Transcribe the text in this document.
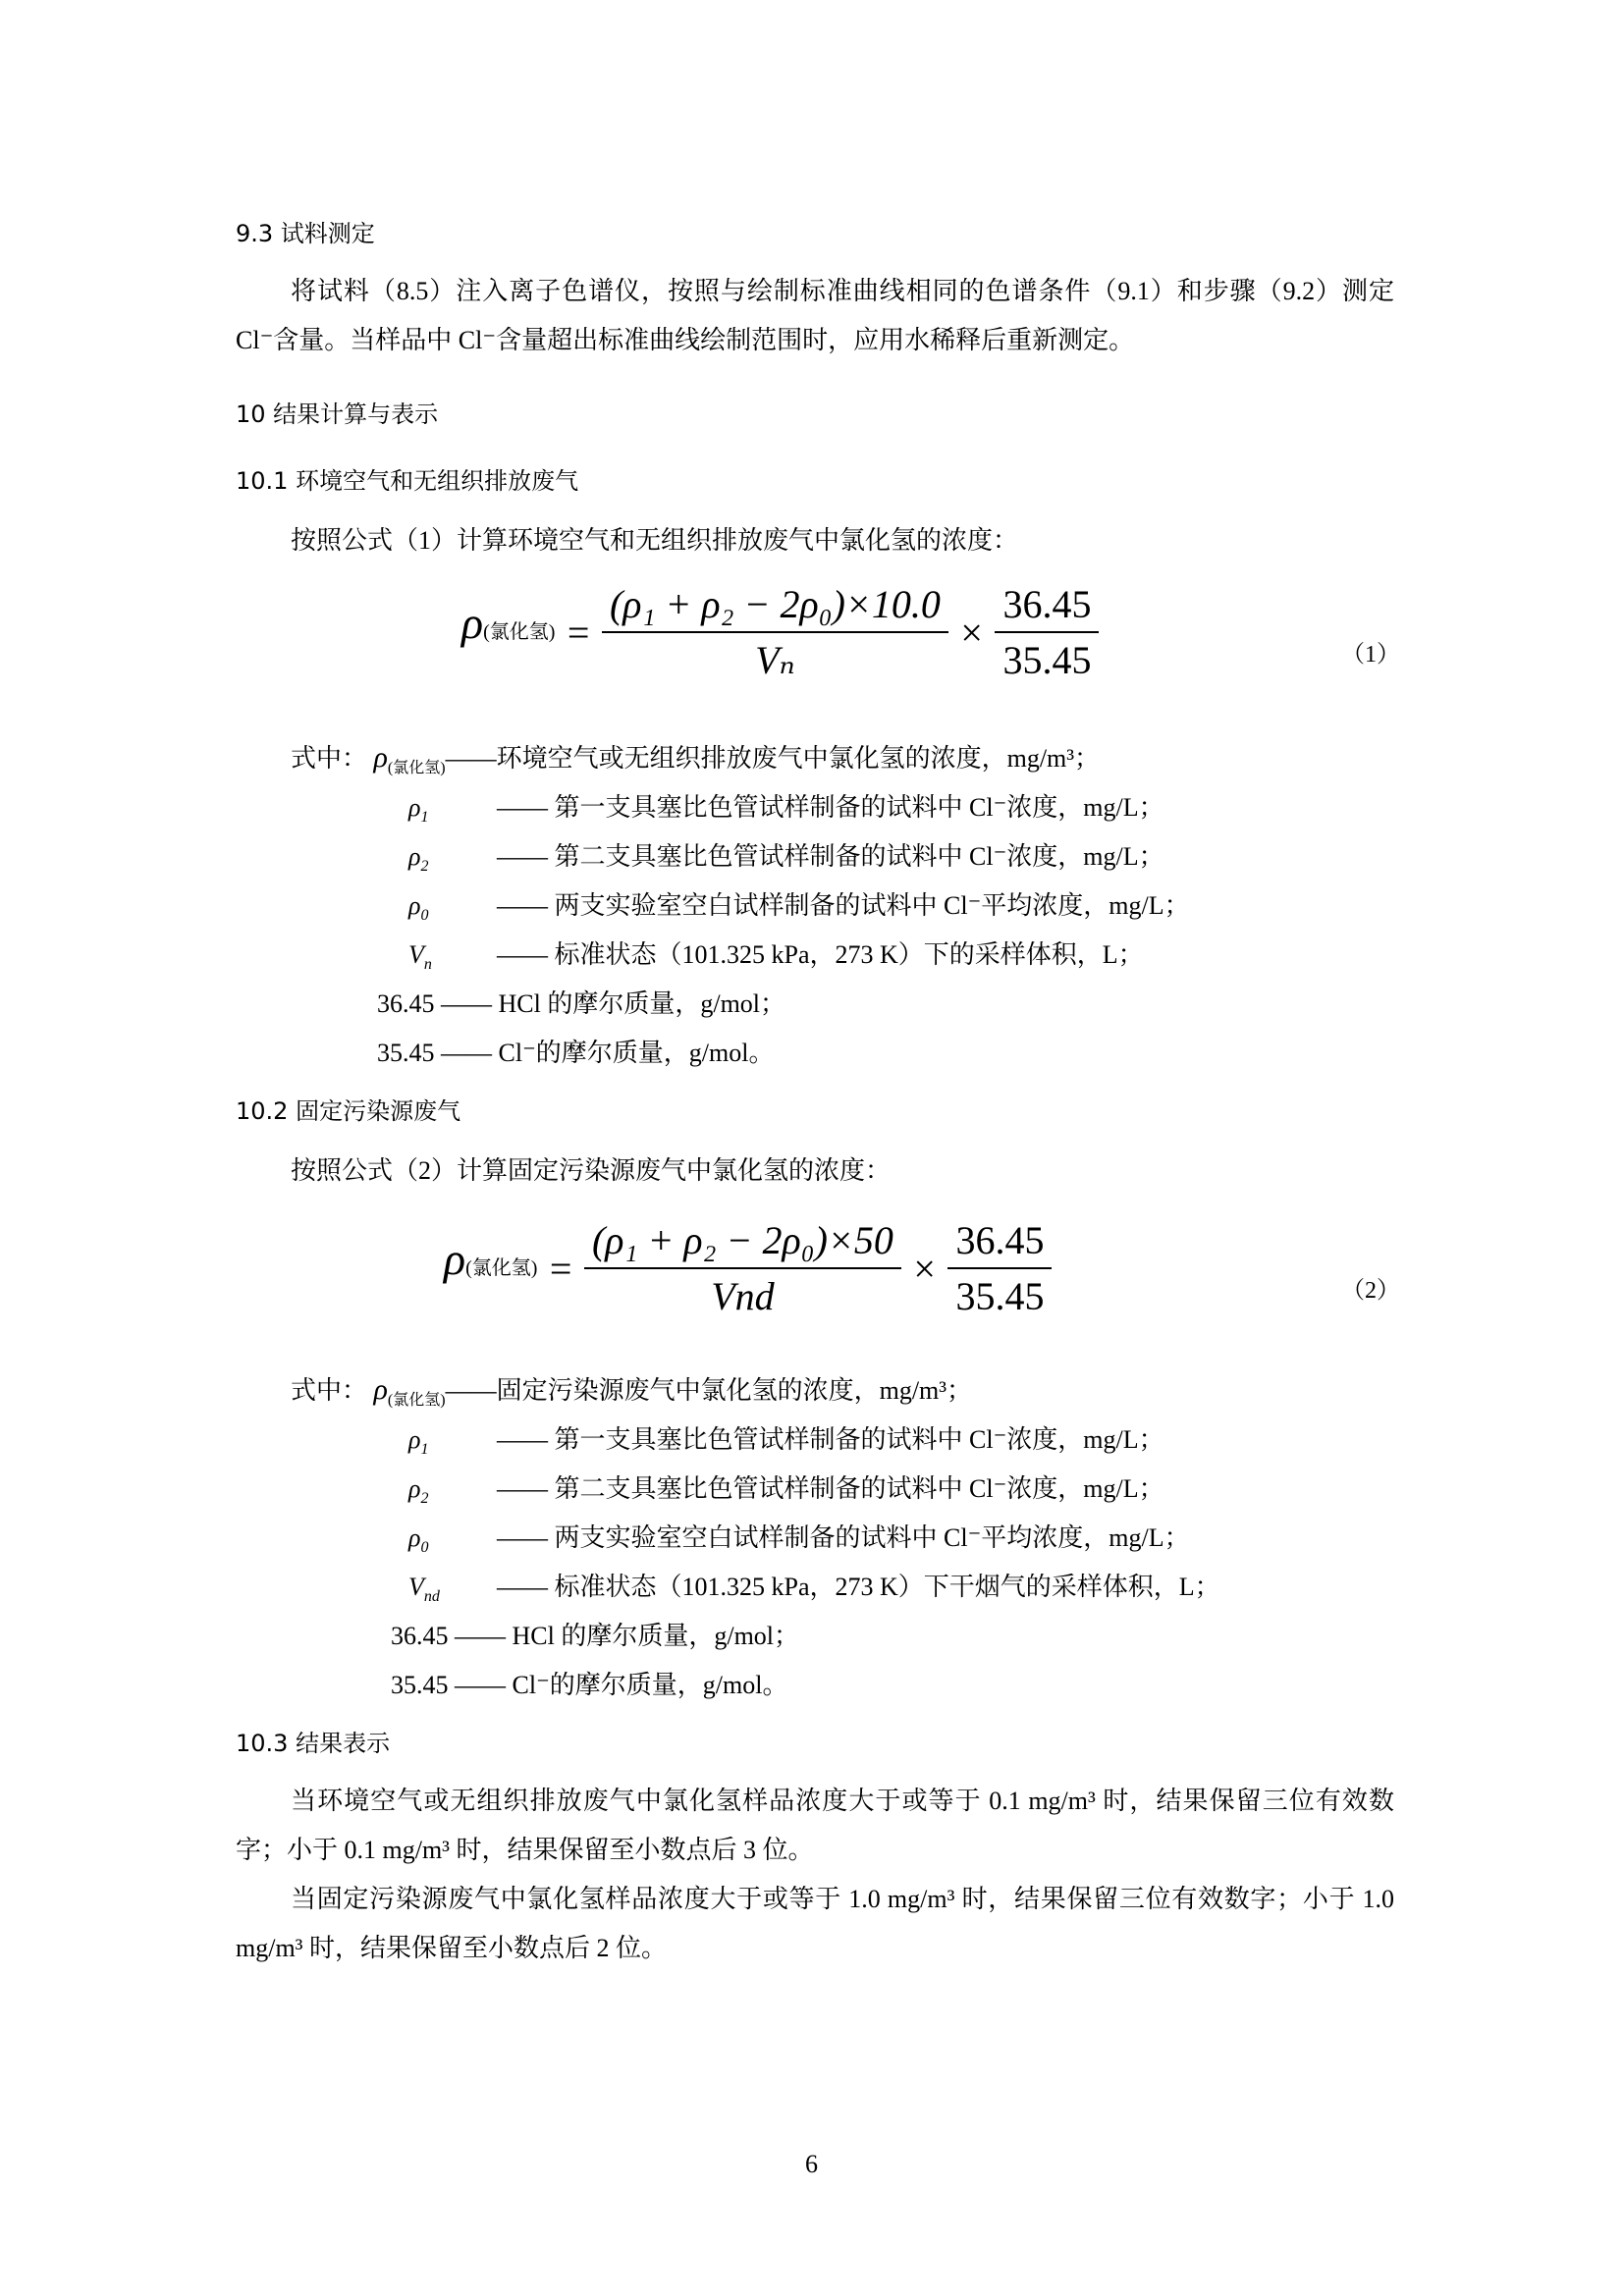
9.3 试料测定
将试料（8.5）注入离子色谱仪，按照与绘制标准曲线相同的色谱条件（9.1）和步骤（9.2）测定 Cl⁻含量。当样品中 Cl⁻含量超出标准曲线绘制范围时，应用水稀释后重新测定。
10 结果计算与表示
10.1 环境空气和无组织排放废气
按照公式（1）计算环境空气和无组织排放废气中氯化氢的浓度：
ρ(氯化氢) = $\frac{\text{(ρ₁ + ρ₂ − 2ρ₀)×10.0}}{\text{Vₙ}} \times \frac{36.45}{35.45}$	（1）
式中： $\rho_{(氯化氢)}——$环境空气或无组织排放废气中氯化氢的浓度，mg/m³；
$\rho_1$	—— 第一支具塞比色管试样制备的试料中 Cl⁻浓度，mg/L；
$\rho_2$	—— 第二支具塞比色管试样制备的试料中 Cl⁻浓度，mg/L；
$\rho_0$	—— 两支实验室空白试样制备的试料中 Cl⁻平均浓度，mg/L；
$V_n$	—— 标准状态（101.325 kPa，273 K）下的采样体积，L；
36.45 —— HCl 的摩尔质量，g/mol；
35.45 —— Cl⁻的摩尔质量，g/mol。
10.2 固定污染源废气
按照公式（2）计算固定污染源废气中氯化氢的浓度：
ρ(氯化氢) = $\frac{\text{(ρ₁ + ρ₂ − 2ρ₀)×50}}{\text{Vnd}} \times \frac{36.45}{35.45}$	（2）
式中： $\rho_{(氯化氢)}——$固定污染源废气中氯化氢的浓度，mg/m³；
$\rho_1$	—— 第一支具塞比色管试样制备的试料中 Cl⁻浓度，mg/L；
$\rho_2$	—— 第二支具塞比色管试样制备的试料中 Cl⁻浓度，mg/L；
$\rho_0$	—— 两支实验室空白试样制备的试料中 Cl⁻平均浓度，mg/L；
$V_{nd}$ —— 标准状态（101.325 kPa，273 K）下干烟气的采样体积，L；
36.45 —— HCl 的摩尔质量，g/mol；
35.45 —— Cl⁻的摩尔质量，g/mol。
10.3 结果表示
当环境空气或无组织排放废气中氯化氢样品浓度大于或等于 0.1 mg/m³ 时，结果保留三位有效数字；小于 0.1 mg/m³ 时，结果保留至小数点后 3 位。
当固定污染源废气中氯化氢样品浓度大于或等于 1.0 mg/m³ 时，结果保留三位有效数字；小于 1.0 mg/m³ 时，结果保留至小数点后 2 位。
6
